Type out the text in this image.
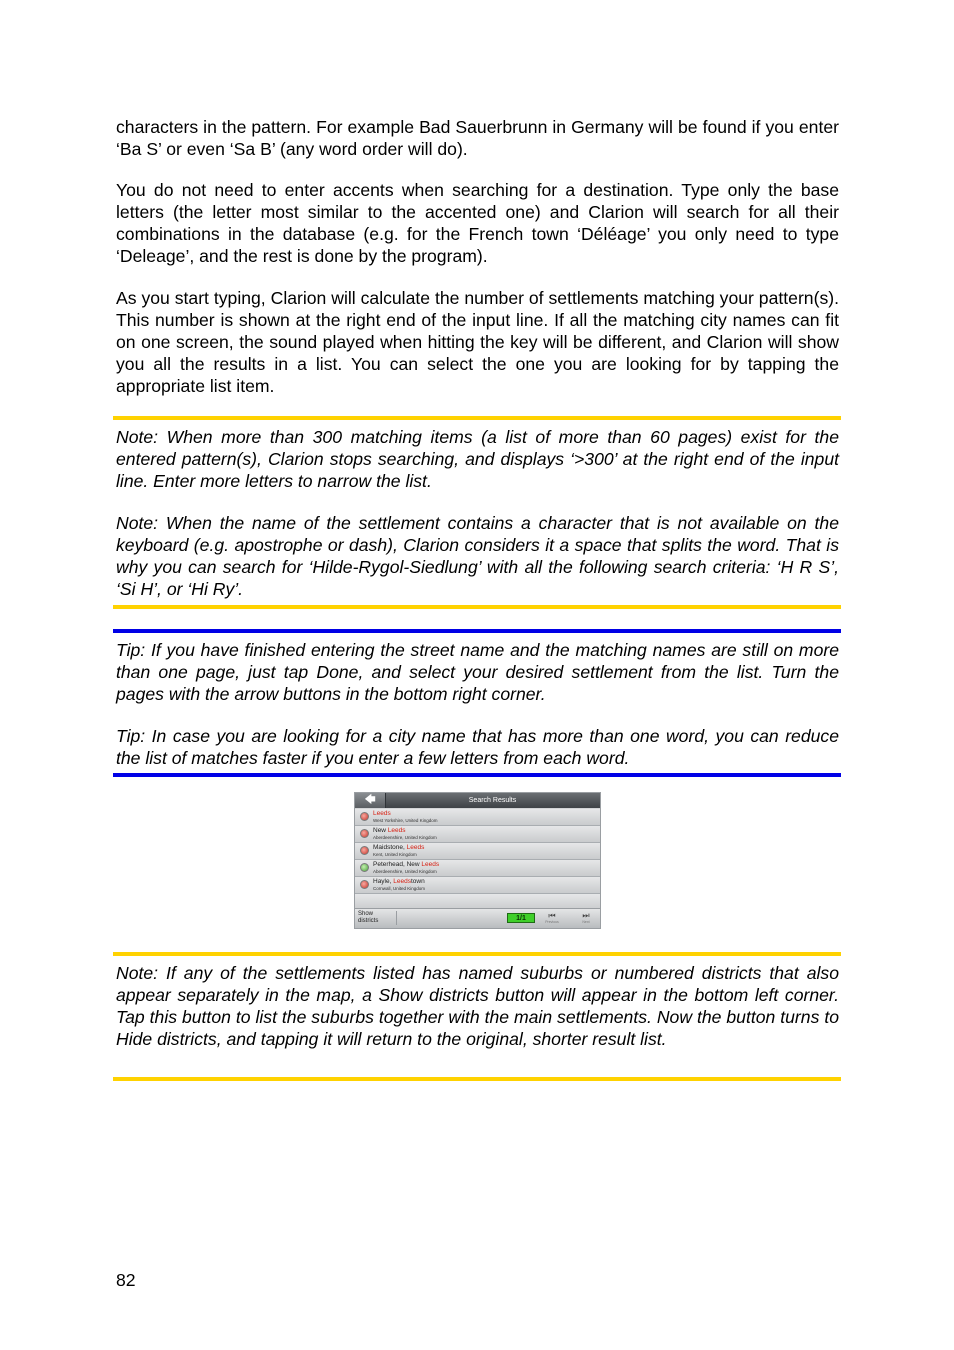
characters in the pattern. For example Bad Sauerbrunn in Germany will be found if you enter ‘Ba S’ or even ‘Sa B’ (any word order will do).

You do not need to enter accents when searching for a destination. Type only the base letters (the letter most similar to the accented one) and Clarion will search for all their combinations in the database (e.g. for the French town ‘Déléage’ you only need to type ‘Deleage’, and the rest is done by the program).

As you start typing, Clarion will calculate the number of settlements matching your pattern(s). This number is shown at the right end of the input line. If all the matching city names can fit on one screen, the sound played when hitting the key will be different, and Clarion will show you all the results in a list. You can select the one you are looking for by tapping the appropriate list item.

Note: When more than 300 matching items (a list of more than 60 pages) exist for the entered pattern(s), Clarion stops searching, and displays ‘>300’ at the right end of the input line. Enter more letters to narrow the list.

Note: When the name of the settlement contains a character that is not available on the keyboard (e.g. apostrophe or dash), Clarion considers it a space that splits the word. That is why you can search for ‘Hilde-Rygol-Siedlung’ with all the following search criteria: ‘H R S’, ‘Si H’, or ‘Hi Ry’.

Tip: If you have finished entering the street name and the matching names are still on more than one page, just tap Done, and select your desired settlement from the list. Turn the pages with the arrow buttons in the bottom right corner.

Tip: In case you are looking for a city name that has more than one word, you can reduce the list of matches faster if you enter a few letters from each word.

🡄	Search Results
Leeds
West Yorkshire, United Kingdom
New Leeds
Aberdeenshire, United Kingdom
Maidstone, Leeds
Kent, United Kingdom
Peterhead, New Leeds
Aberdeenshire, United Kingdom
Hayle, Leedstown
Cornwall, United Kingdom
Show
districts	1/1	⏮
Previous
⏭
Next

Note: If any of the settlements listed has named suburbs or numbered districts that also appear separately in the map, a Show districts button will appear in the bottom left corner. Tap this button to list the suburbs together with the main settlements. Now the button turns to Hide districts, and tapping it will return to the original, shorter result list.

82
